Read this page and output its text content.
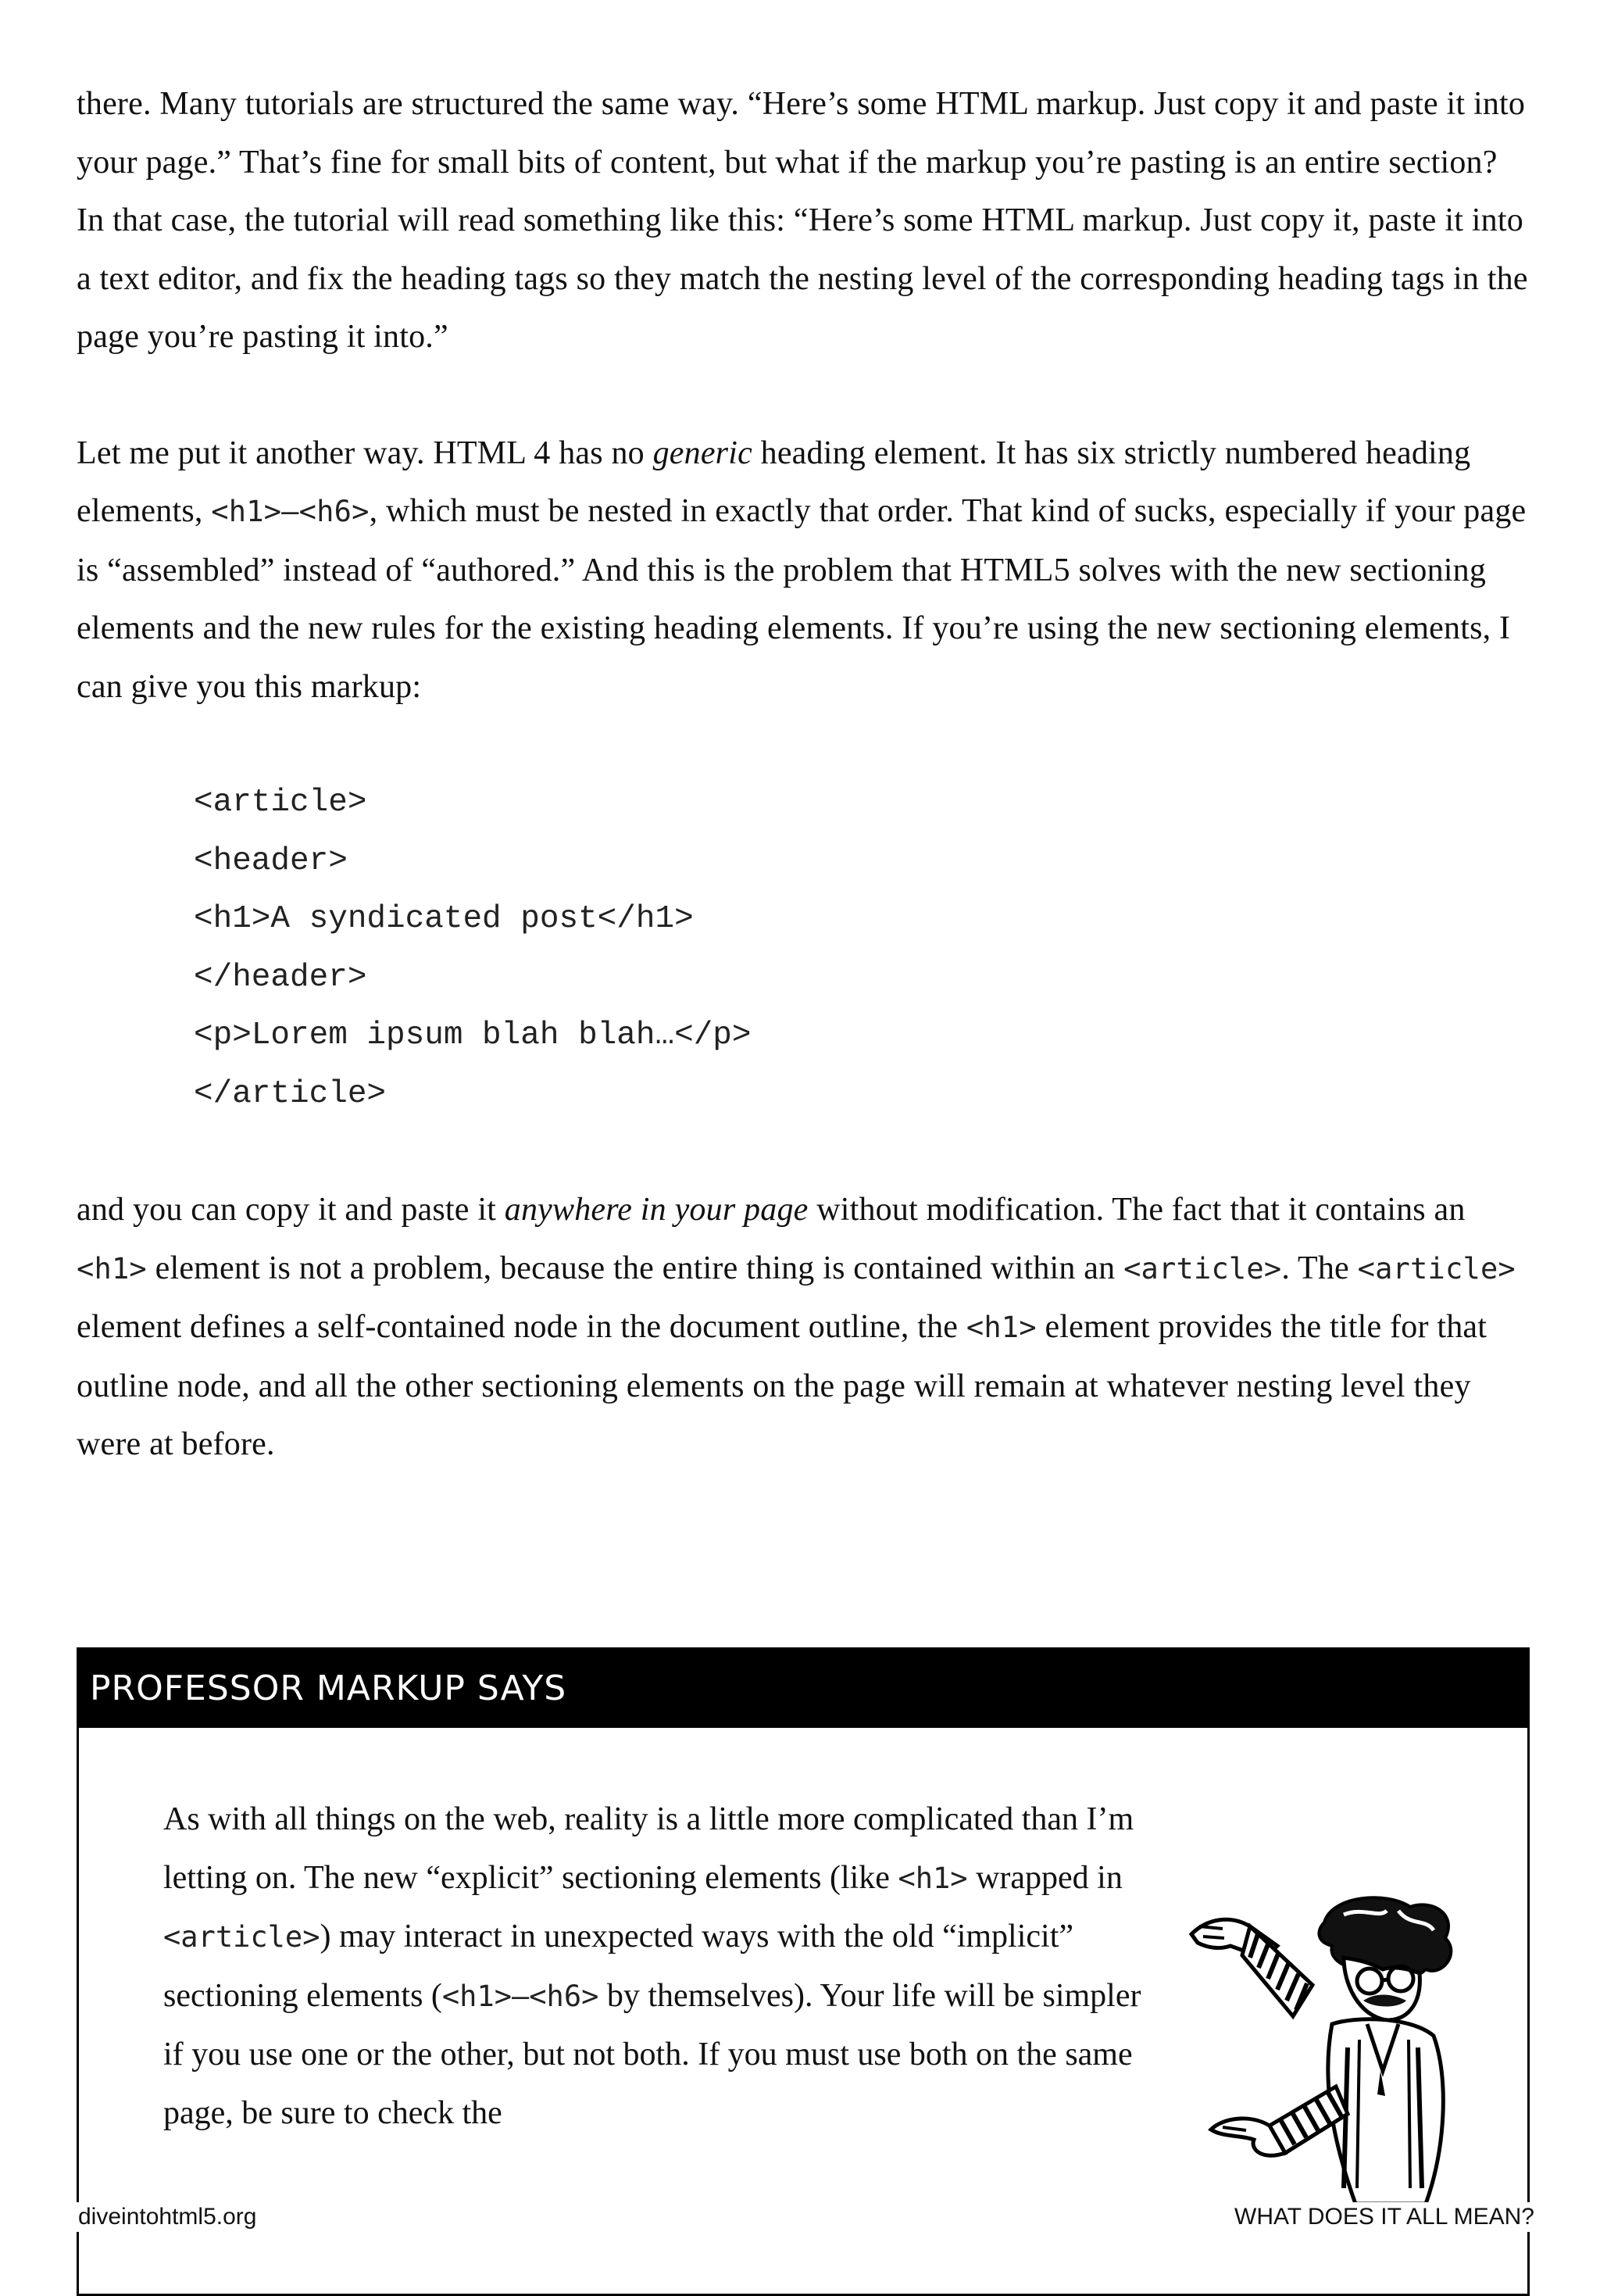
there. Many tutorials are structured the same way. “Here’s some HTML markup. Just copy it and paste it into your page.” That’s fine for small bits of content, but what if the markup you’re pasting is an entire section? In that case, the tutorial will read something like this: “Here’s some HTML markup. Just copy it, paste it into a text editor, and fix the heading tags so they match the nesting level of the corresponding heading tags in the page you’re pasting it into.”

Let me put it another way. HTML 4 has no generic heading element. It has six strictly numbered heading elements, <h1>–<h6>, which must be nested in exactly that order. That kind of sucks, especially if your page is “assembled” instead of “authored.” And this is the problem that HTML5 solves with the new sectioning elements and the new rules for the existing heading elements. If you’re using the new sectioning elements, I can give you this markup:

<article>
<header>
<h1>A syndicated post</h1>
</header>
<p>Lorem ipsum blah blah…</p>
</article>

and you can copy it and paste it anywhere in your page without modification. The fact that it contains an <h1> element is not a problem, because the entire thing is contained within an <article>. The <article> element defines a self-contained node in the document outline, the <h1> element provides the title for that outline node, and all the other sectioning elements on the page will remain at whatever nesting level they were at before.

PROFESSOR MARKUP SAYS

As with all things on the web, reality is a little more complicated than I’m letting on. The new “explicit” sectioning elements (like <h1> wrapped in <article>) may interact in unexpected ways with the old “implicit” sectioning elements (<h1>–<h6> by themselves). Your life will be simpler if you use one or the other, but not both. If you must use both on the same page, be sure to check the

diveintohtml5.org	WHAT DOES IT ALL MEAN?
